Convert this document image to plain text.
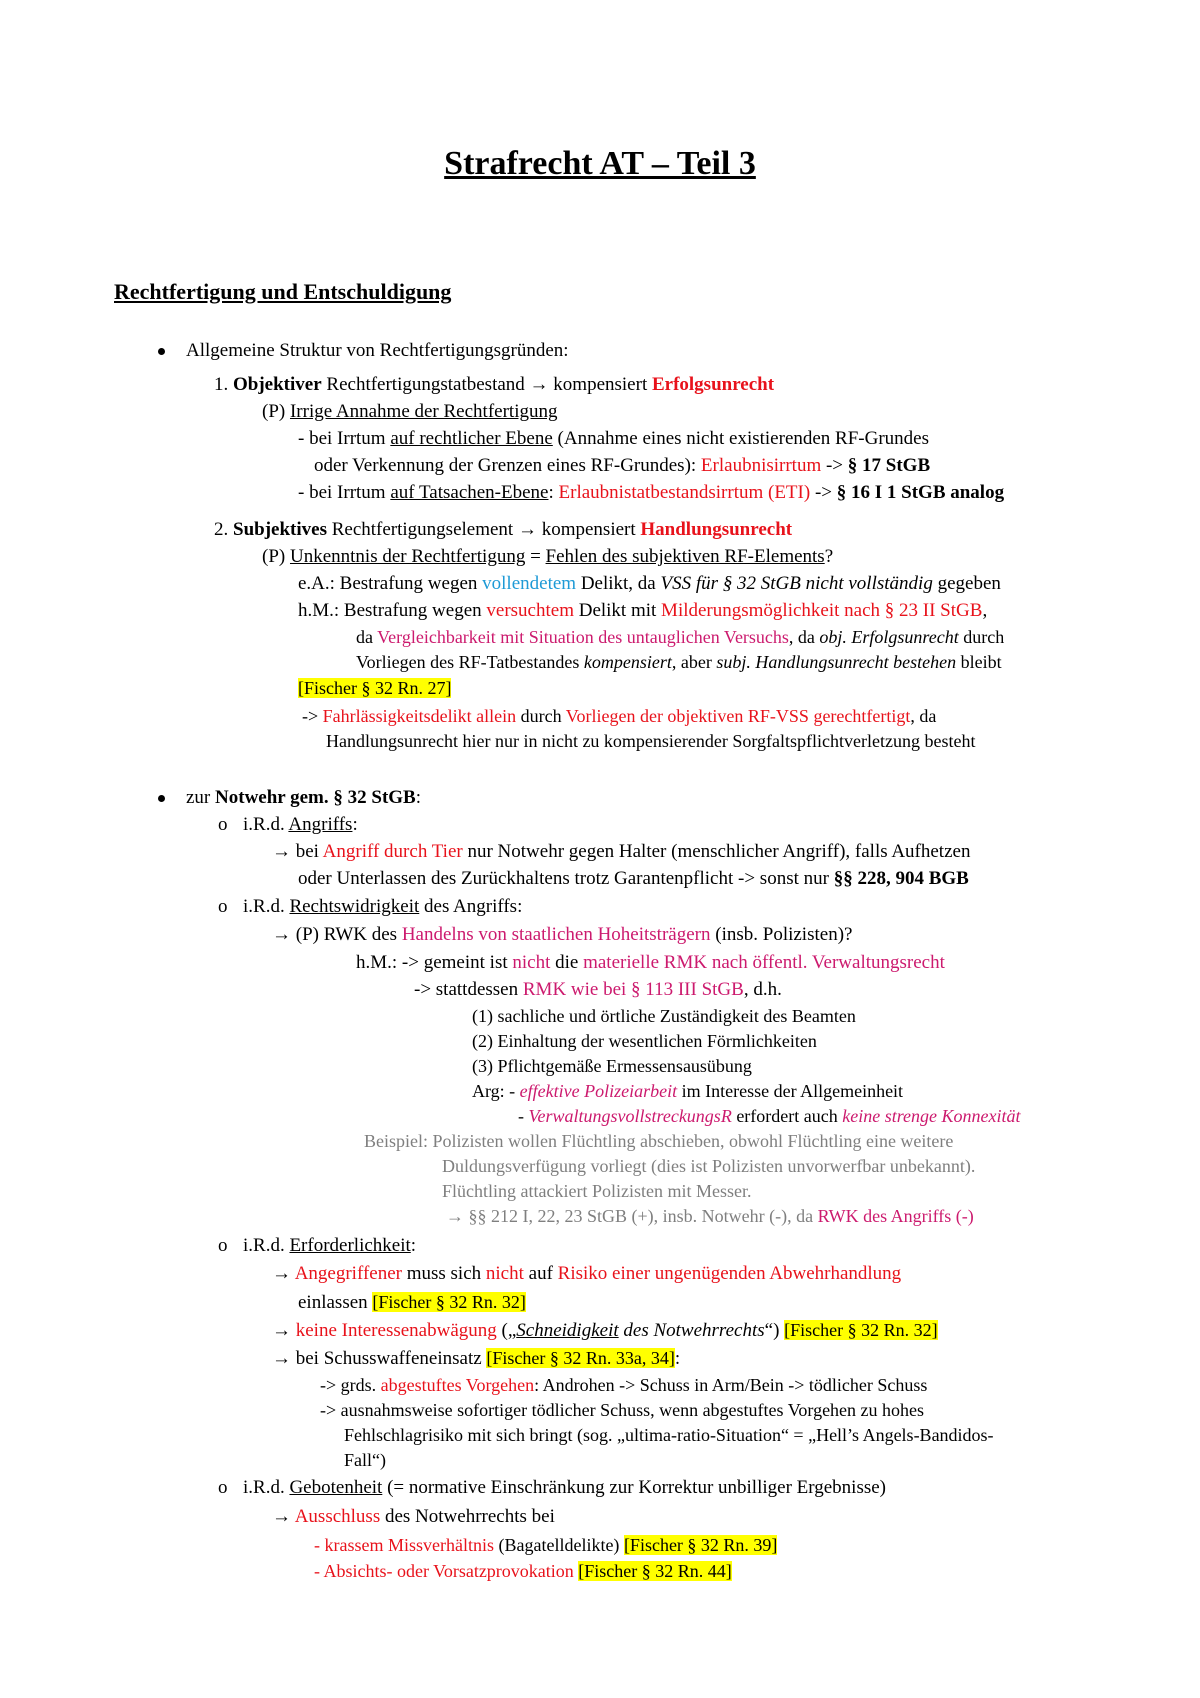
Strafrecht AT – Teil 3
Rechtfertigung und Entschuldigung
Allgemeine Struktur von Rechtfertigungsgründen:
1. Objektiver Rechtfertigungstatbestand → kompensiert Erfolgsunrecht
(P) Irrige Annahme der Rechtfertigung
- bei Irrtum auf rechtlicher Ebene (Annahme eines nicht existierenden RF-Grundes
oder Verkennung der Grenzen eines RF-Grundes): Erlaubnisirrtum -> § 17 StGB
- bei Irrtum auf Tatsachen-Ebene: Erlaubnistatbestandsirrtum (ETI) -> § 16 I 1 StGB analog
2. Subjektives Rechtfertigungselement → kompensiert Handlungsunrecht
(P) Unkenntnis der Rechtfertigung = Fehlen des subjektiven RF-Elements?
e.A.: Bestrafung wegen vollendetem Delikt, da VSS für § 32 StGB nicht vollständig gegeben
h.M.: Bestrafung wegen versuchtem Delikt mit Milderungsmöglichkeit nach § 23 II StGB,
da Vergleichbarkeit mit Situation des untauglichen Versuchs, da obj. Erfolgsunrecht durch
Vorliegen des RF-Tatbestandes kompensiert, aber subj. Handlungsunrecht bestehen bleibt
[Fischer § 32 Rn. 27]
-> Fahrlässigkeitsdelikt allein durch Vorliegen der objektiven RF-VSS gerechtfertigt, da
Handlungsunrecht hier nur in nicht zu kompensierender Sorgfaltspflichtverletzung besteht
zur Notwehr gem. § 32 StGB:
o i.R.d. Angriffs:
→ bei Angriff durch Tier nur Notwehr gegen Halter (menschlicher Angriff), falls Aufhetzen
oder Unterlassen des Zurückhaltens trotz Garantenpflicht -> sonst nur §§ 228, 904 BGB
o i.R.d. Rechtswidrigkeit des Angriffs:
→ (P) RWK des Handelns von staatlichen Hoheitsträgern (insb. Polizisten)?
h.M.: -> gemeint ist nicht die materielle RMK nach öffentl. Verwaltungsrecht
-> stattdessen RMK wie bei § 113 III StGB, d.h.
(1) sachliche und örtliche Zuständigkeit des Beamten
(2) Einhaltung der wesentlichen Förmlichkeiten
(3) Pflichtgemäße Ermessensausübung
Arg: - effektive Polizeiarbeit im Interesse der Allgemeinheit
- VerwaltungsvollstreckungsR erfordert auch keine strenge Konnexität
Beispiel: Polizisten wollen Flüchtling abschieben, obwohl Flüchtling eine weitere
Duldungsverfügung vorliegt (dies ist Polizisten unvorwerfbar unbekannt).
Flüchtling attackiert Polizisten mit Messer.
→ §§ 212 I, 22, 23 StGB (+), insb. Notwehr (-), da RWK des Angriffs (-)
o i.R.d. Erforderlichkeit:
→ Angegriffener muss sich nicht auf Risiko einer ungenügenden Abwehrhandlung
einlassen [Fischer § 32 Rn. 32]
→ keine Interessenabwägung („Schneidigkeit des Notwehrrechts“) [Fischer § 32 Rn. 32]
→ bei Schusswaffeneinsatz [Fischer § 32 Rn. 33a, 34]:
-> grds. abgestuftes Vorgehen: Androhen -> Schuss in Arm/Bein -> tödlicher Schuss
-> ausnahmsweise sofortiger tödlicher Schuss, wenn abgestuftes Vorgehen zu hohes
Fehlschlagrisiko mit sich bringt (sog. „ultima-ratio-Situation“ = „Hell’s Angels-Bandidos-
Fall“)
o i.R.d. Gebotenheit (= normative Einschränkung zur Korrektur unbilliger Ergebnisse)
→ Ausschluss des Notwehrrechts bei
- krassem Missverhältnis (Bagatelldelikte) [Fischer § 32 Rn. 39]
- Absichts- oder Vorsatzprovokation [Fischer § 32 Rn. 44]
